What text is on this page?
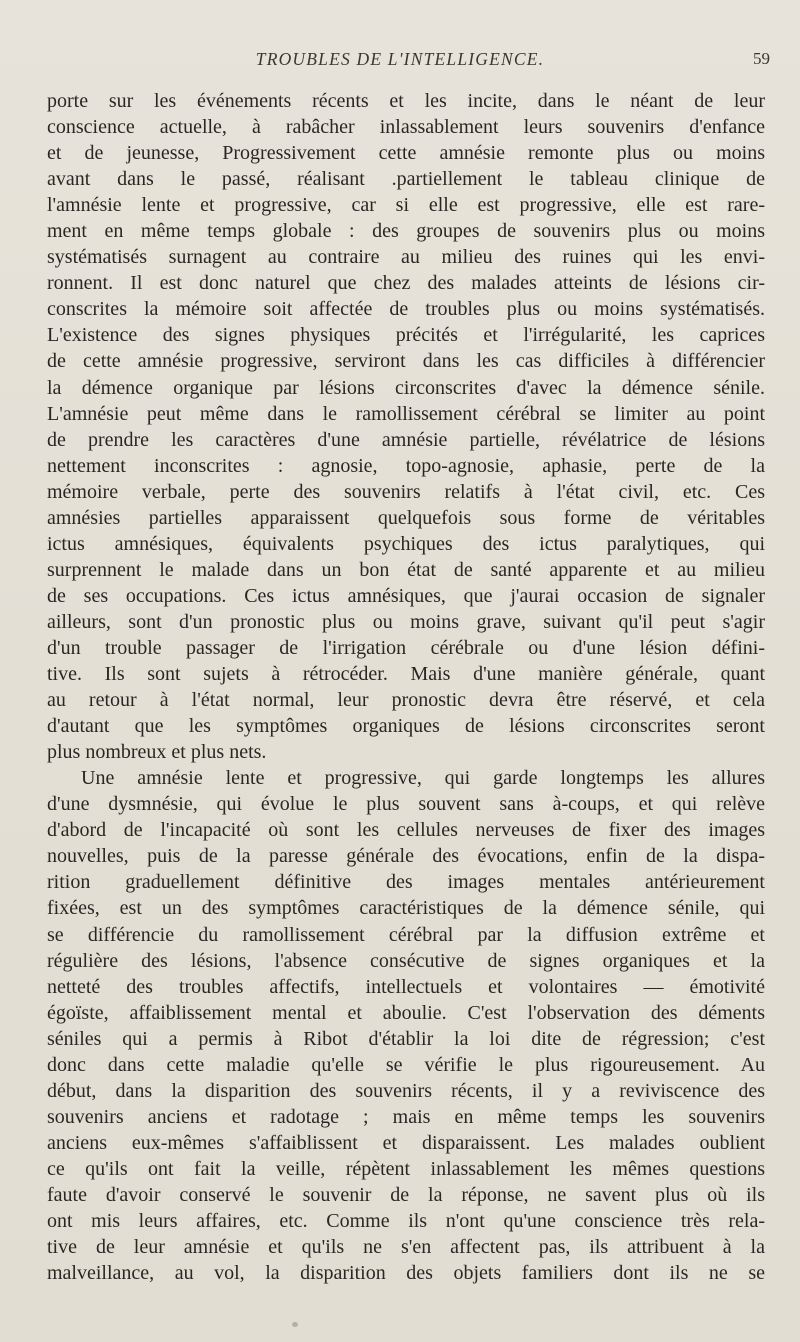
TROUBLES DE L'INTELLIGENCE.	59
porte sur les événements récents et les incite, dans le néant de leur
conscience actuelle, à rabâcher inlassablement leurs souvenirs d'enfance
et de jeunesse, Progressivement cette amnésie remonte plus ou moins
avant dans le passé, réalisant .partiellement le tableau clinique de
l'amnésie lente et progressive, car si elle est progressive, elle est rare-
ment en même temps globale : des groupes de souvenirs plus ou moins
systématisés surnagent au contraire au milieu des ruines qui les envi-
ronnent. Il est donc naturel que chez des malades atteints de lésions cir-
conscrites la mémoire soit affectée de troubles plus ou moins systématisés.
L'existence des signes physiques précités et l'irrégularité, les caprices
de cette amnésie progressive, serviront dans les cas difficiles à différencier
la démence organique par lésions circonscrites d'avec la démence sénile.
L'amnésie peut même dans le ramollissement cérébral se limiter au point
de prendre les caractères d'une amnésie partielle, révélatrice de lésions
nettement inconscrites : agnosie, topo-agnosie, aphasie, perte de la
mémoire verbale, perte des souvenirs relatifs à l'état civil, etc. Ces
amnésies partielles apparaissent quelquefois sous forme de véritables
ictus amnésiques, équivalents psychiques des ictus paralytiques, qui
surprennent le malade dans un bon état de santé apparente et au milieu
de ses occupations. Ces ictus amnésiques, que j'aurai occasion de signaler
ailleurs, sont d'un pronostic plus ou moins grave, suivant qu'il peut s'agir
d'un trouble passager de l'irrigation cérébrale ou d'une lésion défini-
tive. Ils sont sujets à rétrocéder. Mais d'une manière générale, quant
au retour à l'état normal, leur pronostic devra être réservé, et cela
d'autant que les symptômes organiques de lésions circonscrites seront
plus nombreux et plus nets.
Une amnésie lente et progressive, qui garde longtemps les allures
d'une dysmnésie, qui évolue le plus souvent sans à-coups, et qui relève
d'abord de l'incapacité où sont les cellules nerveuses de fixer des images
nouvelles, puis de la paresse générale des évocations, enfin de la dispa-
rition graduellement définitive des images mentales antérieurement
fixées, est un des symptômes caractéristiques de la démence sénile, qui
se différencie du ramollissement cérébral par la diffusion extrême et
régulière des lésions, l'absence consécutive de signes organiques et la
netteté des troubles affectifs, intellectuels et volontaires — émotivité
égoïste, affaiblissement mental et aboulie. C'est l'observation des déments
séniles qui a permis à Ribot d'établir la loi dite de régression; c'est
donc dans cette maladie qu'elle se vérifie le plus rigoureusement. Au
début, dans la disparition des souvenirs récents, il y a reviviscence des
souvenirs anciens et radotage ; mais en même temps les souvenirs
anciens eux-mêmes s'affaiblissent et disparaissent. Les malades oublient
ce qu'ils ont fait la veille, répètent inlassablement les mêmes questions
faute d'avoir conservé le souvenir de la réponse, ne savent plus où ils
ont mis leurs affaires, etc. Comme ils n'ont qu'une conscience très rela-
tive de leur amnésie et qu'ils ne s'en affectent pas, ils attribuent à la
malveillance, au vol, la disparition des objets familiers dont ils ne se
